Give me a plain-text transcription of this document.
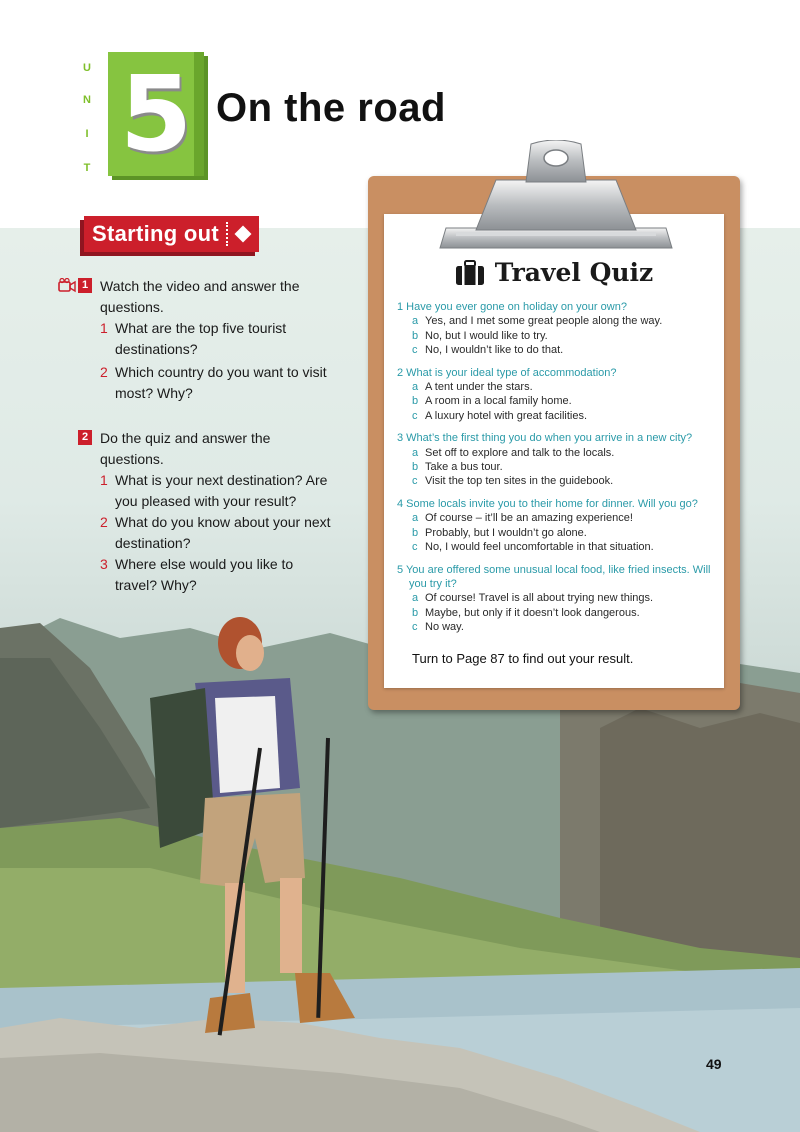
U
N
I
T 5 On the road
Starting out
1 Watch the video and answer the questions.
1 What are the top five tourist destinations?
2 Which country do you want to visit most? Why?
2 Do the quiz and answer the questions.
1 What is your next destination? Are you pleased with your result?
2 What do you know about your next destination?
3 Where else would you like to travel? Why?
Travel Quiz
1 Have you ever gone on holiday on your own?
a Yes, and I met some great people along the way.
b No, but I would like to try.
c No, I wouldn’t like to do that.
2 What is your ideal type of accommodation?
a A tent under the stars.
b A room in a local family home.
c A luxury hotel with great facilities.
3 What’s the first thing you do when you arrive in a new city?
a Set off to explore and talk to the locals.
b Take a bus tour.
c Visit the top ten sites in the guidebook.
4 Some locals invite you to their home for dinner. Will you go?
a Of course – it’ll be an amazing experience!
b Probably, but I wouldn’t go alone.
c No, I would feel uncomfortable in that situation.
5 You are offered some unusual local food, like fried insects. Will you try it?
a Of course! Travel is all about trying new things.
b Maybe, but only if it doesn’t look dangerous.
c No way.
Turn to Page 87 to find out your result.
49
